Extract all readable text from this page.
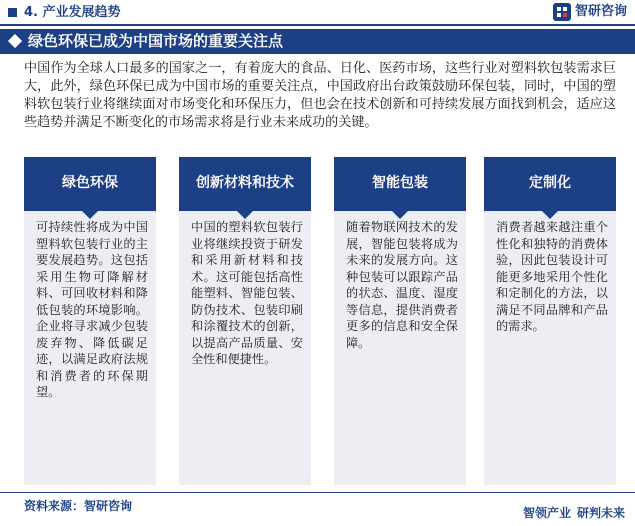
4. 产业发展趋势	智研咨询
绿色环保已成为中国市场的重要关注点
中国作为全球人口最多的国家之一，有着庞大的食品、日化、医药市场，这些行业对塑料软包装需求巨大，此外，绿色环保已成为中国市场的重要关注点，中国政府出台政策鼓励环保包装，同时，中国的塑料软包装行业将继续面对市场变化和环保压力，但也会在技术创新和可持续发展方面找到机会，适应这些趋势并满足不断变化的市场需求将是行业未来成功的关键。
绿色环保
可持续性将成为中国塑料软包装行业的主要发展趋势。这包括采用生物可降解材料、可回收材料和降低包装的环境影响。企业将寻求减少包装废弃物、降低碳足迹，以满足政府法规和消费者的环保期望。
创新材料和技术
中国的塑料软包装行业将继续投资于研发和采用新材料和技术。这可能包括高性能塑料、智能包装、防伪技术、包装印刷和涂覆技术的创新，以提高产品质量、安全性和便捷性。
智能包装
随着物联网技术的发展，智能包装将成为未来的发展方向。这种包装可以跟踪产品的状态、温度、湿度等信息，提供消费者更多的信息和安全保障。
定制化
消费者越来越注重个性化和独特的消费体验，因此包装设计可能更多地采用个性化和定制化的方法，以满足不同品牌和产品的需求。
资料来源：智研咨询	智领产业 研判未来
